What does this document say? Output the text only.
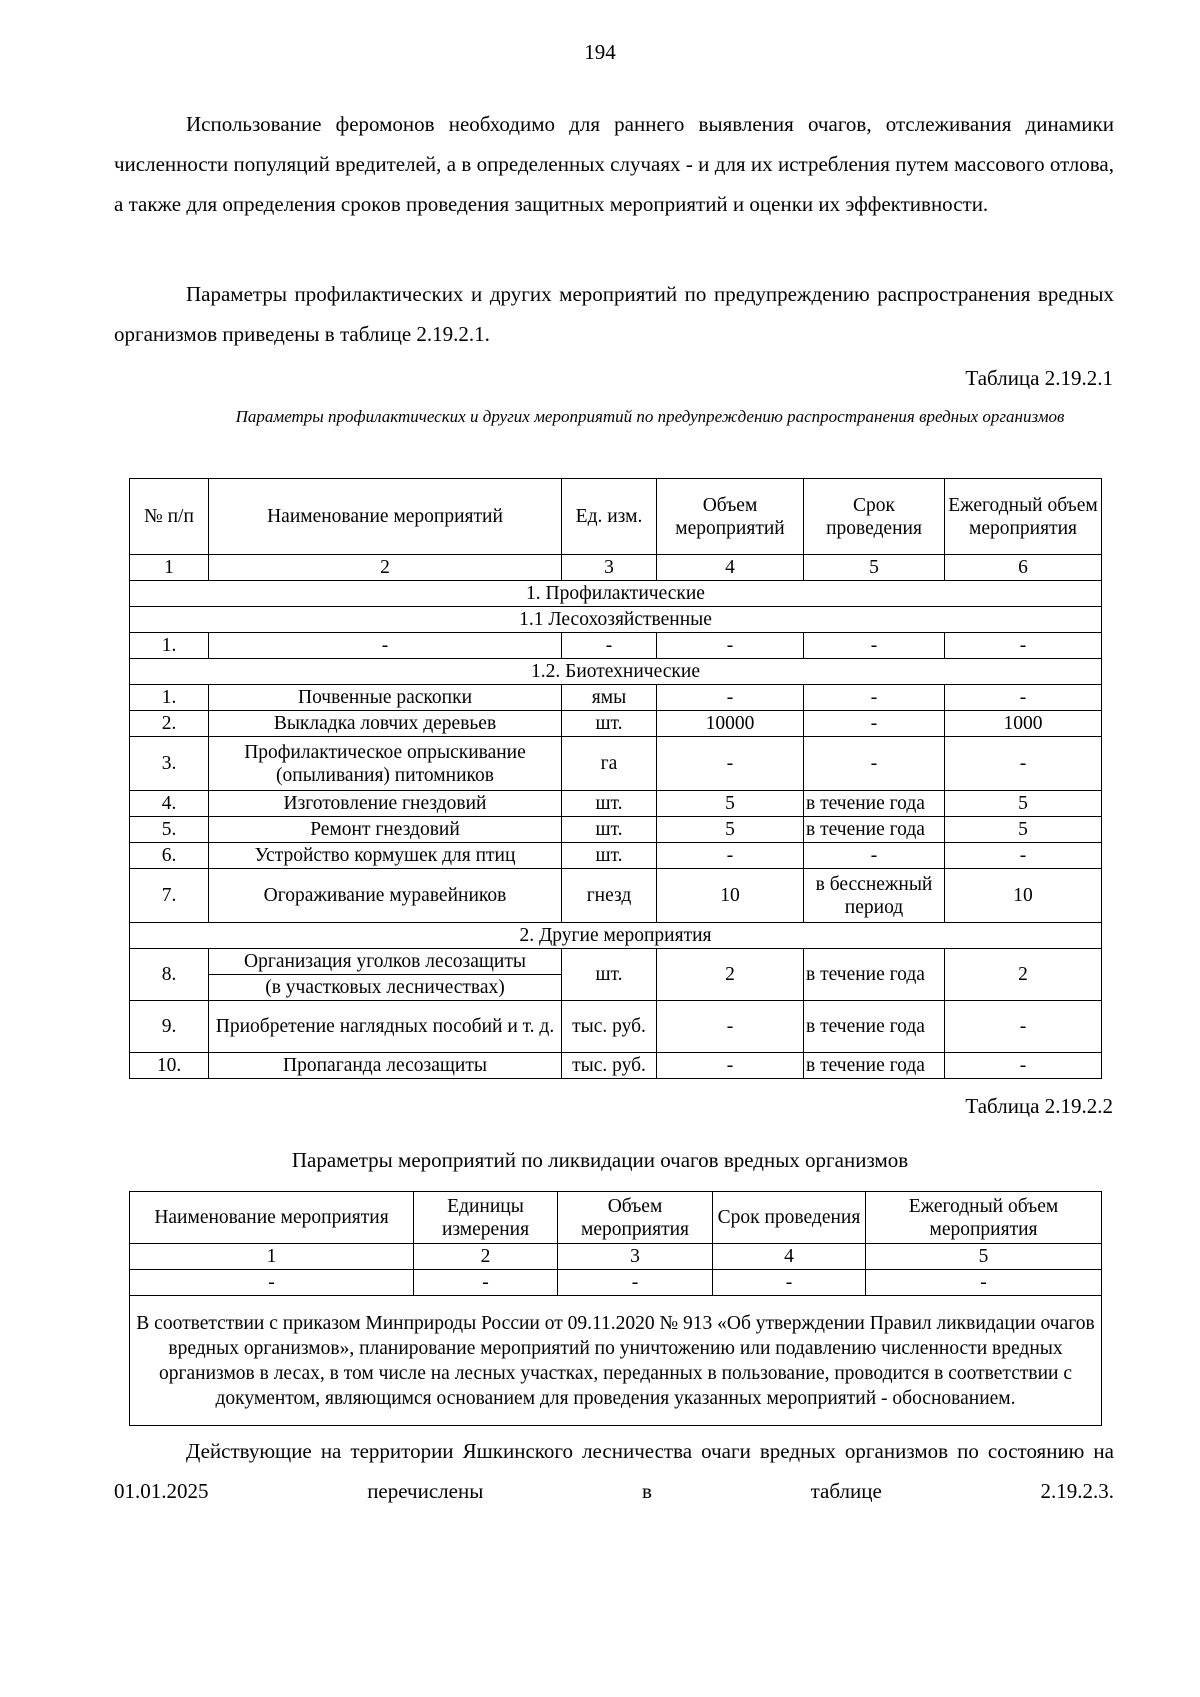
194

Использование феромонов необходимо для раннего выявления очагов, отслеживания динамики численности популяций вредителей, а в определенных случаях - и для их истребления путем массового отлова, а также для определения сроков проведения защитных мероприятий и оценки их эффективности.

Параметры профилактических и других мероприятий по предупреждению распространения вредных организмов приведены в таблице 2.19.2.1.

Таблица 2.19.2.1
Параметры профилактических и других мероприятий по предупреждению распространения вредных организмов
№ п/п	Наименование мероприятий	Ед. изм.	Объем мероприятий	Срок проведения	Ежегодный объем мероприятия
1	2	3	4	5	6
1. Профилактические					
1.1 Лесохозяйственные					
1.	-	-	-	-	-
1.2. Биотехнические					
1.	Почвенные раскопки	ямы	-	-	-
2.	Выкладка ловчих деревьев	шт.	10000	-	1000
3.	Профилактическое опрыскивание (опыливания) питомников	га	-	-	-
4.	Изготовление гнездовий	шт.	5	в течение года	5
5.	Ремонт гнездовий	шт.	5	в течение года	5
6.	Устройство кормушек для птиц	шт.	-	-	-
7.	Огораживание муравейников	гнезд	10	в бесснежный период	10
2. Другие мероприятия					
8.	Организация уголков лесозащиты	шт.	2	в течение года	2
	(в участковых лесничествах)				
9.	Приобретение наглядных пособий и т. д.	тыс. руб.	-	в течение года	-
10.	Пропаганда лесозащиты	тыс. руб.	-	в течение года	-
Таблица 2.19.2.2
Параметры мероприятий по ликвидации очагов вредных организмов
Наименование мероприятия	Единицы измерения	Объем мероприятия	Срок проведения	Ежегодный объем мероприятия
1	2	3	4	5
-	-	-	-	-
В соответствии с приказом Минприроды России от 09.11.2020 № 913 «Об утверждении Правил ликвидации очагов вредных организмов», планирование мероприятий по уничтожению или подавлению численности вредных организмов в лесах, в том числе на лесных участках, переданных в пользование, проводится в соответствии с документом, являющимся основанием для проведения указанных мероприятий - обоснованием.				

Действующие на территории Яшкинского лесничества очаги вредных организмов по состоянию на 01.01.2025 перечислены в таблице 2.19.2.3.
